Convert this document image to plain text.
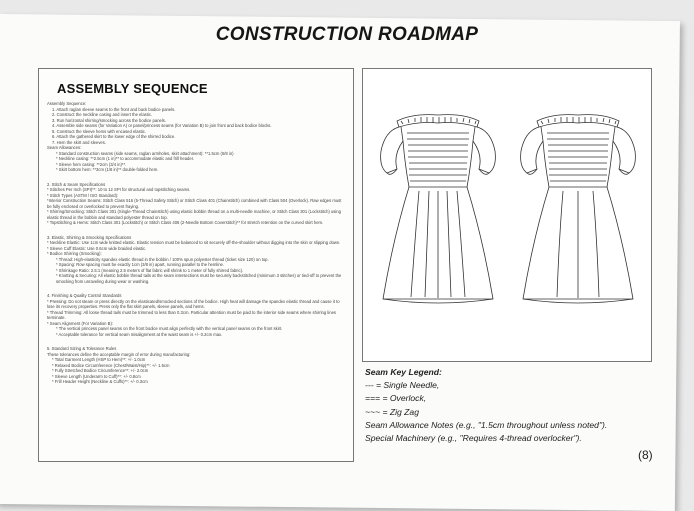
CONSTRUCTION ROADMAP
ASSEMBLY SEQUENCE
Assembly Sequence:
1. Attach raglan sleeve seams to the front and back bodice panels.
2. Construct the neckline casing and insert the elastic.
3. Run horizontal shirring/smocking across the bodice panels.
4. Assemble side seams (for Variation A) or panel/princess seams (for Variation B) to join front and back bodice blocks.
5. Construct the sleeve hems with encased elastic.
6. Attach the gathered skirt to the lower edge of the shirred bodice.
7. Hem the skirt and sleeves.
Seam Allowances:
* Standard construction seams (side seams, raglan armholes, skirt attachment): **1.5cm (5/8 in)
* Neckline casing: **2.5cm (1 in)** to accommodate elastic and frill header.
* Sleeve hem casing: **2cm (3/4 in)**.
* Skirt bottom hem: **3cm (1/8 in)** double-folded hem.
2. Stitch & Seam Specifications
* Stitches Per Inch (SPI)**: 10 to 12 SPI for structural and topstitching seams.
* Stitch Types (ASTM / ISO Standard):
*Interior Construction Seams: Stitch Class 516 (5-Thread Safety Stitch) or Stitch Class 401 (Chainstitch) combined with Class 504 (Overlock). Raw edges must be fully enclosed or overlocked to prevent fraying.
* Shirring/Smocking: Stitch Class 301 (Single-Thread Chainstitch) using elastic bobbin thread on a multi-needle machine, or Stitch Class 301 (Lockstitch) using elastic thread in the bobbin and standard polyester thread on top.
* Topstitching & Hems: Stitch Class 301 (Lockstitch) or Stitch Class 406 (2-Needle Bottom Coverstitch)** for stretch retention on the curved skirt hem.
3. Elastic, Shirring & Smocking Specifications
* Neckline Elastic: Use 1cm wide knitted elastic. Elastic tension must be balanced to sit securely off-the-shoulder without digging into the skin or slipping down.
* Sleeve Cuff Elastic: Use 0.6cm wide braided elastic.
* Bodice Shirring (Smocking):
* Thread: High-elasticity spandex elastic thread in the bobbin / 100% spun polyester thread (ticket size 120) on top.
* Spacing: Row spacing must be exactly 1cm (3/8 in) apart, running parallel to the hemline.
* Shrinkage Ratio: 2.5:1 (meaning 2.5 meters of flat fabric will shrink to 1 meter of fully shirred fabric).
* Knotting & Securing: All elastic bobbin thread tails at the seam intersections must be securely backstitched (minimum 3 stitches) or tied-off to prevent the smocking from unraveling during wear or washing.
4. Finishing & Quality Control Standards
* Pressing: Do not steam or press directly on the elasticated/smocked sections of the bodice. High heat will damage the spandex elastic thread and cause it to lose its recovery properties. Press only the flat skirt panels, sleeve panels, and hems.
* Thread Trimming: All loose thread tails must be trimmed to less than 0.3cm. Particular attention must be paid to the interior side seams where shirring lines terminate.
* Seam Alignment (For Variation B):
* The vertical princess panel seams on the front bodice must align perfectly with the vertical panel seams on the front skirt.
* Acceptable tolerance for vertical seam misalignment at the waist seam is +/- 0.2cm max.
5. Standard Sizing & Tolerance Rules
These tolerances define the acceptable margin of error during manufacturing:
* Total Garment Length (HSP to Hem)**: +/- 1.0cm
* Relaxed Bodice Circumference (Chest/Waist/Hip)**: +/- 1.5cm
* Fully Stretched Bodice Circumference**: +/- 2.0cm
* Sleeve Length (Underarm to Cuff)**: +/- 0.8cm
* Frill Header Height (Neckline & Cuffs)**: +/- 0.3cm
Seam Key Legend:
--- = Single Needle,
=== = Overlock,
~~~ = Zig Zag
Seam Allowance Notes (e.g., "1.5cm throughout unless noted").
Special Machinery (e.g., "Requires 4-thread overlocker").
(8)
